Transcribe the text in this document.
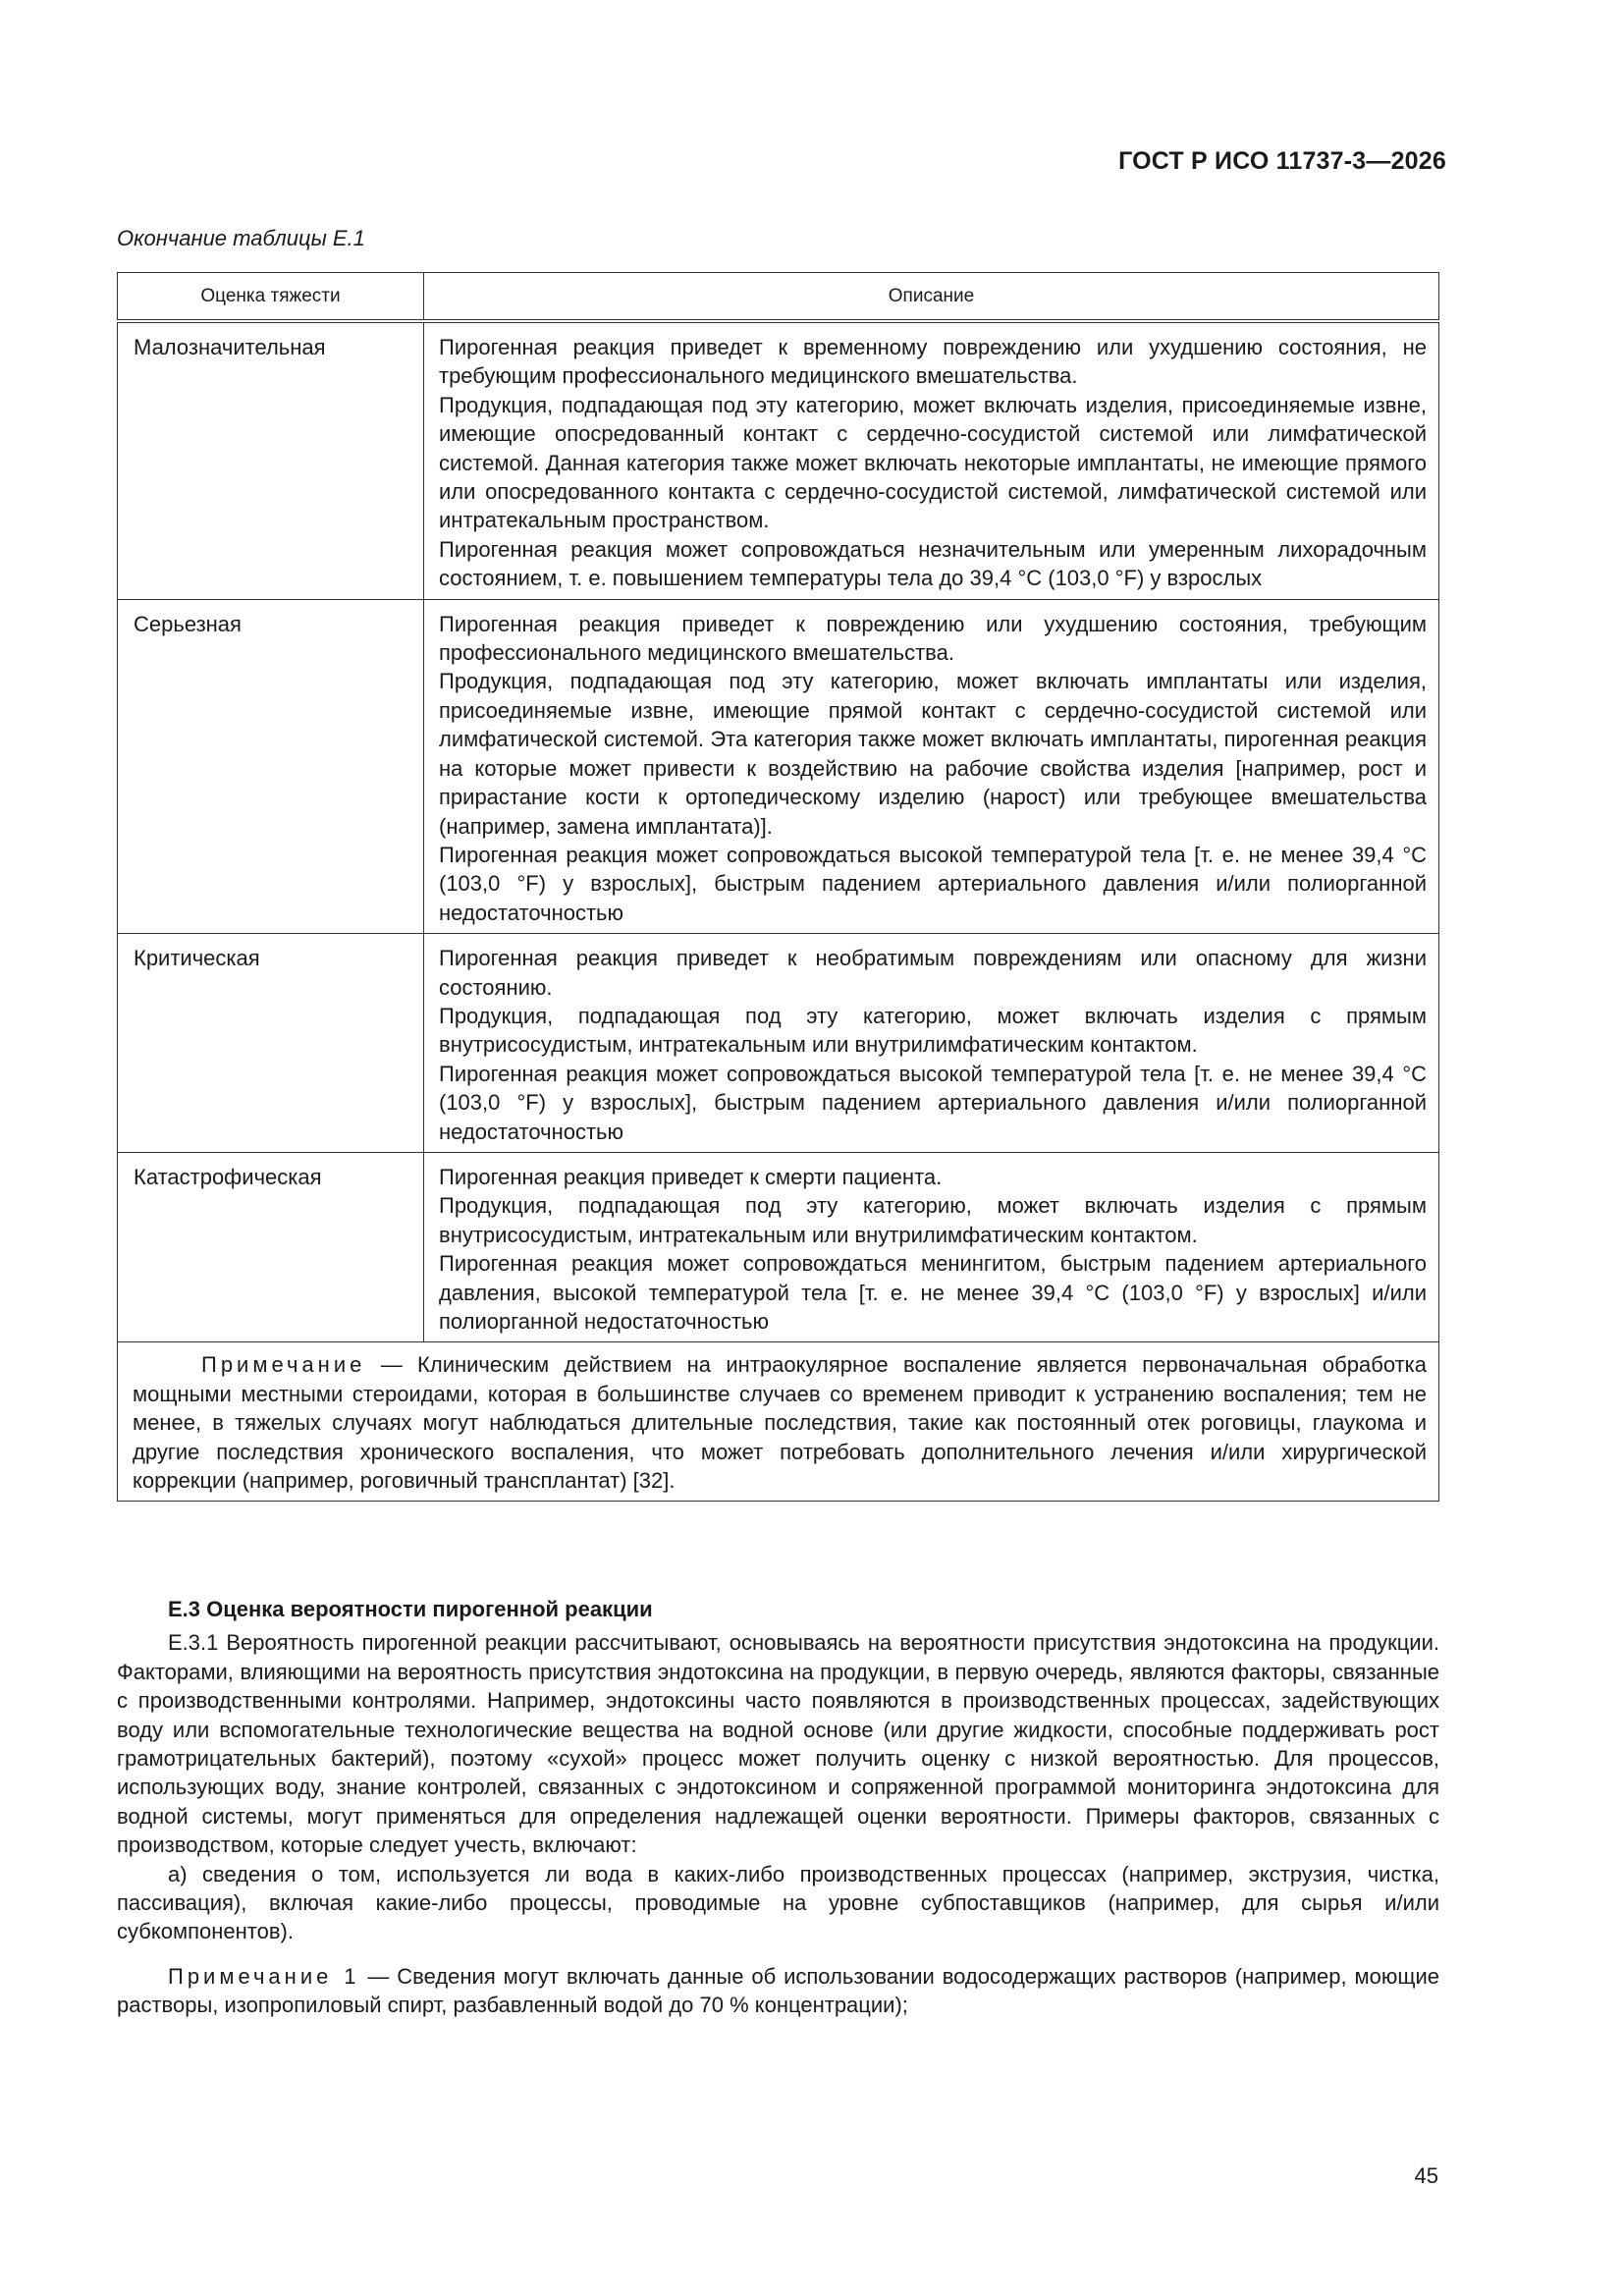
ГОСТ Р ИСО 11737-3—2026
Окончание таблицы Е.1
Оценка тяжести	Описание
Малозначительная	Пирогенная реакция приведет к временному повреждению или ухудшению состояния, не требующим профессионального медицинского вмешательства.

Продукция, подпадающая под эту категорию, может включать изделия, присоединяемые извне, имеющие опосредованный контакт с сердечно-сосудистой системой или лимфатической системой. Данная категория также может включать некоторые имплантаты, не имеющие прямого или опосредованного контакта с сердечно-сосудистой системой, лимфатической системой или интратекальным пространством.

Пирогенная реакция может сопровождаться незначительным или умеренным лихорадочным состоянием, т. е. повышением температуры тела до 39,4 °С (103,0 °F) у взрослых

Серьезная	Пирогенная реакция приведет к повреждению или ухудшению состояния, требующим профессионального медицинского вмешательства.

Продукция, подпадающая под эту категорию, может включать имплантаты или изделия, присоединяемые извне, имеющие прямой контакт с сердечно-сосудистой системой или лимфатической системой. Эта категория также может включать имплантаты, пирогенная реакция на которые может привести к воздействию на рабочие свойства изделия [например, рост и прирастание кости к ортопедическому изделию (нарост) или требующее вмешательства (например, замена имплантата)].

Пирогенная реакция может сопровождаться высокой температурой тела [т. е. не менее 39,4 °С (103,0 °F) у взрослых], быстрым падением артериального давления и/или полиорганной недостаточностью

Критическая	Пирогенная реакция приведет к необратимым повреждениям или опасному для жизни состоянию.

Продукция, подпадающая под эту категорию, может включать изделия с прямым внутрисосудистым, интратекальным или внутрилимфатическим контактом.

Пирогенная реакция может сопровождаться высокой температурой тела [т. е. не менее 39,4 °С (103,0 °F) у взрослых], быстрым падением артериального давления и/или полиорганной недостаточностью

Катастрофическая	Пирогенная реакция приведет к смерти пациента.

Продукция, подпадающая под эту категорию, может включать изделия с прямым внутрисосудистым, интратекальным или внутрилимфатическим контактом.

Пирогенная реакция может сопровождаться менингитом, быстрым падением артериального давления, высокой температурой тела [т. е. не менее 39,4 °С (103,0 °F) у взрослых] и/или полиорганной недостаточностью

Примечание — Клиническим действием на интраокулярное воспаление является первоначальная обработка мощными местными стероидами, которая в большинстве случаев со временем приводит к устранению воспаления; тем не менее, в тяжелых случаях могут наблюдаться длительные последствия, такие как постоянный отек роговицы, глаукома и другие последствия хронического воспаления, что может потребовать дополнительного лечения и/или хирургической коррекции (например, роговичный трансплантат) [32].	

Е.3 Оценка вероятности пирогенной реакции

Е.3.1 Вероятность пирогенной реакции рассчитывают, основываясь на вероятности присутствия эндотоксина на продукции. Факторами, влияющими на вероятность присутствия эндотоксина на продукции, в первую очередь, являются факторы, связанные с производственными контролями. Например, эндотоксины часто появляются в производственных процессах, задействующих воду или вспомогательные технологические вещества на водной основе (или другие жидкости, способные поддерживать рост грамотрицательных бактерий), поэтому «сухой» процесс может получить оценку с низкой вероятностью. Для процессов, использующих воду, знание контролей, связанных с эндотоксином и сопряженной программой мониторинга эндотоксина для водной системы, могут применяться для определения надлежащей оценки вероятности. Примеры факторов, связанных с производством, которые следует учесть, включают:

а) сведения о том, используется ли вода в каких-либо производственных процессах (например, экструзия, чистка, пассивация), включая какие-либо процессы, проводимые на уровне субпоставщиков (например, для сырья и/или субкомпонентов).

Примечание 1 — Сведения могут включать данные об использовании водосодержащих растворов (например, моющие растворы, изопропиловый спирт, разбавленный водой до 70 % концентрации);

45
